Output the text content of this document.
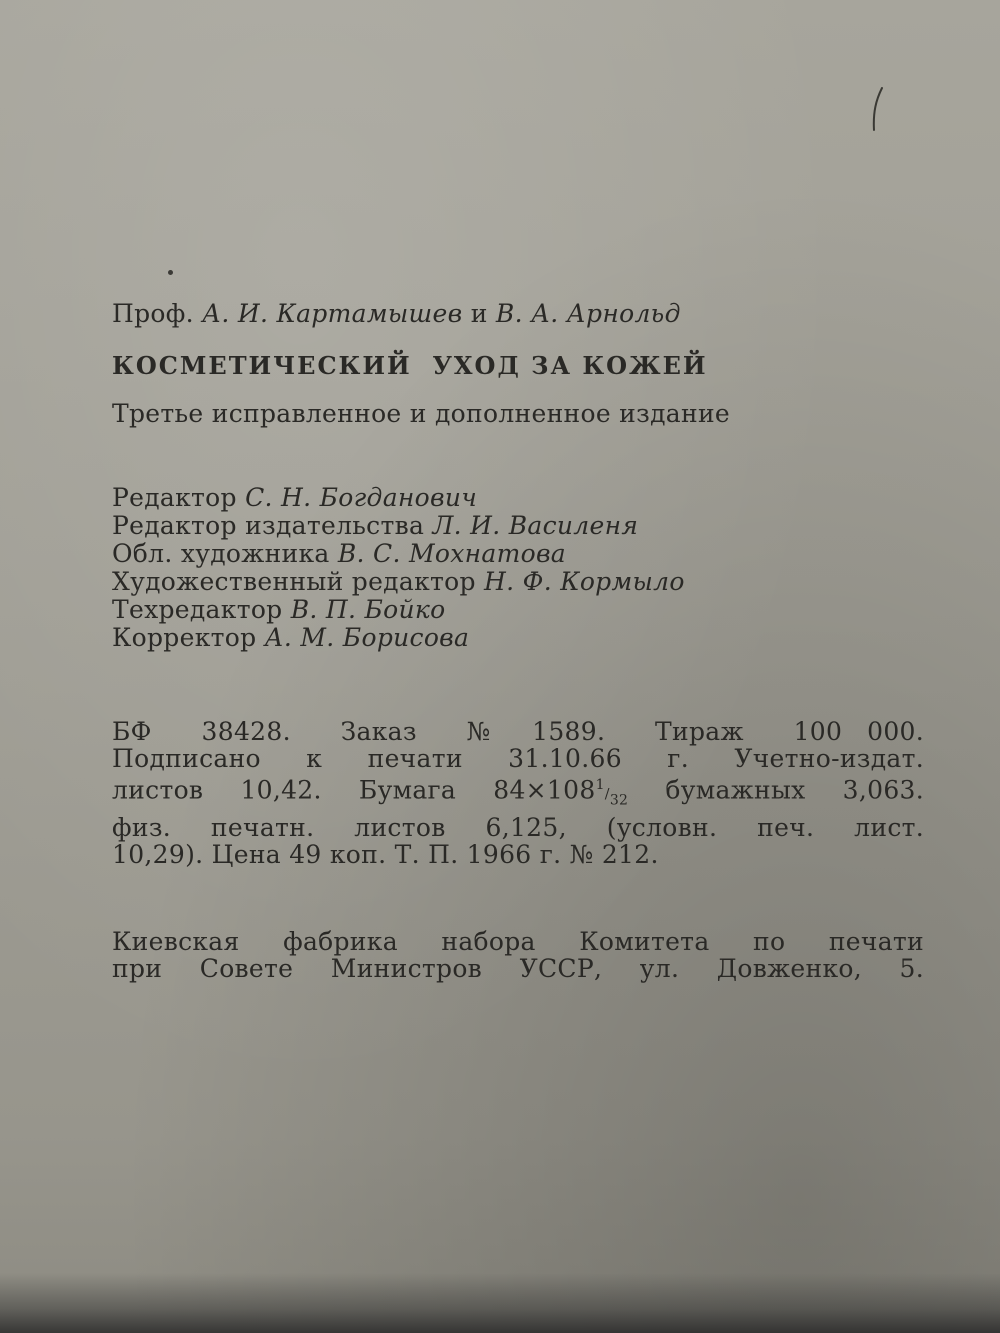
Проф. А. И. Картамышев и В. А. Арнольд
КОСМЕТИЧЕСКИЙ  УХОД ЗА КОЖЕЙ
Третье исправленное и дополненное издание
Редактор С. Н. Богданович
Редактор издательства Л. И. Василеня
Обл. художника В. С. Мохнатова
Художественный редактор Н. Ф. Кормыло
Техредактор В. П. Бойко
Корректор А. М. Борисова
БФ  38428.  Заказ  № 1589.  Тираж  100 000.
Подписано к печати 31.10.66 г. Учетно-издат.
листов 10,42. Бумага $84\times 108^1/_{32}$ бумажных 3,063.
физ. печатн. листов 6,125, (условн. печ. лист.
10,29). Цена 49 коп. Т. П. 1966 г. № 212.
Киевская фабрика набора Комитета по печати
при Совете Министров УССР, ул. Довженко, 5.
